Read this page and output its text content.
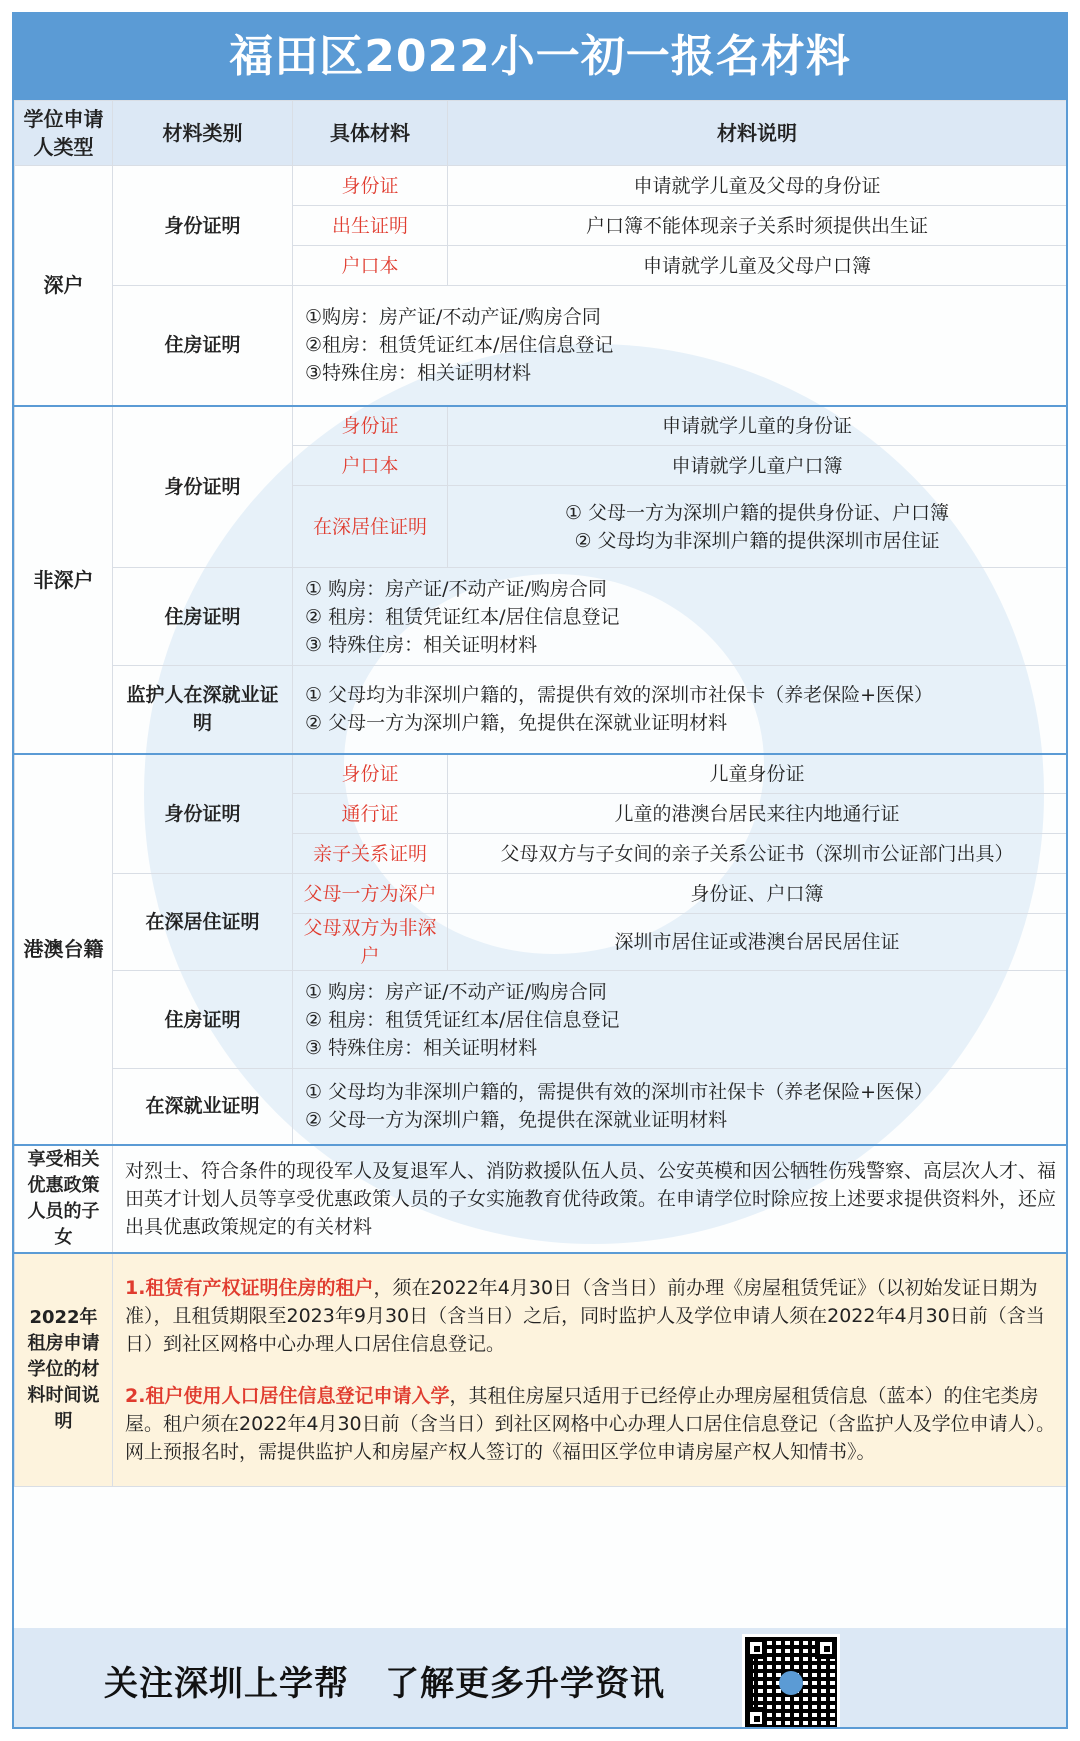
福田区2022小一初一报名材料
学位申请人类型	材料类别	具体材料	材料说明
深户	身份证明	身份证	申请就学儿童及父母的身份证
		出生证明	户口簿不能体现亲子关系时须提供出生证
		户口本	申请就学儿童及父母户口簿
	住房证明	①购房：房产证/不动产证/购房合同
②租房：租赁凭证红本/居住信息登记
③特殊住房：相关证明材料	

非深户	身份证明	身份证	申请就学儿童的身份证
		户口本	申请就学儿童户口簿
		在深居住证明	① 父母一方为深圳户籍的提供身份证、户口簿
② 父母均为非深圳户籍的提供深圳市居住证

	住房证明	① 购房：房产证/不动产证/购房合同
② 租房：租赁凭证红本/居住信息登记
③ 特殊住房：相关证明材料	

	监护人在深就业证明	① 父母均为非深圳户籍的，需提供有效的深圳市社保卡（养老保险+医保）
② 父母一方为深圳户籍，免提供在深就业证明材料	

港澳台籍	身份证明	身份证	儿童身份证
		通行证	儿童的港澳台居民来往内地通行证
		亲子关系证明	父母双方与子女间的亲子关系公证书（深圳市公证部门出具）
	在深居住证明	父母一方为深户	身份证、户口簿
		父母双方为非深户	深圳市居住证或港澳台居民居住证
	住房证明	① 购房：房产证/不动产证/购房合同
② 租房：租赁凭证红本/居住信息登记
③ 特殊住房：相关证明材料	

	在深就业证明	① 父母均为非深圳户籍的，需提供有效的深圳市社保卡（养老保险+医保）
② 父母一方为深圳户籍，免提供在深就业证明材料	

享受相关优惠政策人员的子女	对烈士、符合条件的现役军人及复退军人、消防救援队伍人员、公安英模和因公牺牲伤残警察、高层次人才、福田英才计划人员等享受优惠政策人员的子女实施教育优待政策。在申请学位时除应按上述要求提供资料外，还应出具优惠政策规定的有关材料		
2022年租房申请学位的材料时间说明	1.租赁有产权证明住房的租户，须在2022年4月30日（含当日）前办理《房屋租赁凭证》（以初始发证日期为准），且租赁期限至2023年9月30日（含当日）之后，同时监护人及学位申请人须在2022年4月30日前（含当日）到社区网格中心办理人口居住信息登记。
2.租户使用人口居住信息登记申请入学，其租住房屋只适用于已经停止办理房屋租赁信息（蓝本）的住宅类房屋。租户须在2022年4月30日前（含当日）到社区网格中心办理人口居住信息登记（含监护人及学位申请人）。网上预报名时，需提供监护人和房屋产权人签订的《福田区学位申请房屋产权人知情书》。		
关注深圳上学帮 了解更多升学资讯
